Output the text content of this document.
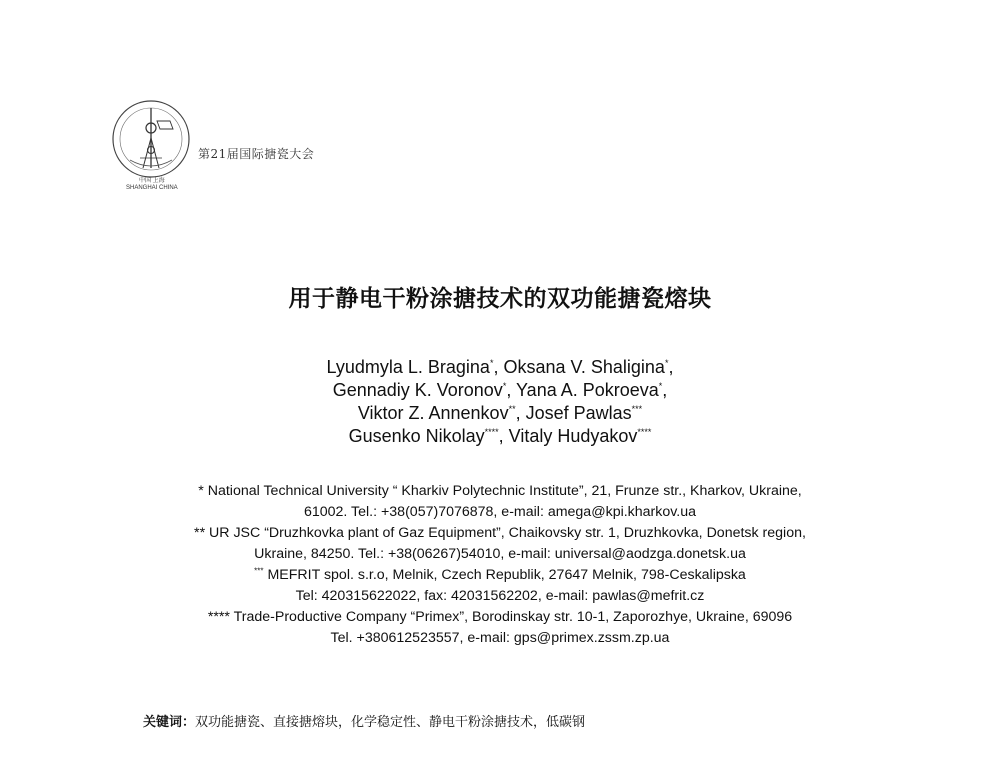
中国 上海
SHANGHAI CHINA
第21届国际搪瓷大会
用于静电干粉涂搪技术的双功能搪瓷熔块
Lyudmyla L. Bragina*, Oksana V. Shaligina*,
Gennadiy K. Voronov*, Yana A. Pokroeva*,
Viktor Z. Annenkov**, Josef Pawlas***
Gusenko Nikolay****, Vitaly Hudyakov****
* National Technical University “ Kharkiv Polytechnic Institute”, 21, Frunze str., Kharkov, Ukraine,
61002. Tel.: +38(057)7076878, e-mail: amega@kpi.kharkov.ua
** UR JSC “Druzhkovka plant of Gaz Equipment”, Chaikovsky str. 1, Druzhkovka, Donetsk region,
Ukraine, 84250. Tel.: +38(06267)54010, e-mail: universal@aodzga.donetsk.ua
*** MEFRIT spol. s.r.o, Melnik, Czech Republik, 27647 Melnik, 798-Ceskalipska
Tel: 420315622022, fax: 42031562202, e-mail: pawlas@mefrit.cz
**** Trade-Productive Company “Primex”, Borodinskay str. 10-1, Zaporozhye, Ukraine, 69096
Tel. +380612523557, e-mail: gps@primex.zssm.zp.ua
关键词：双功能搪瓷、直接搪熔块，化学稳定性、静电干粉涂搪技术，低碳钢
